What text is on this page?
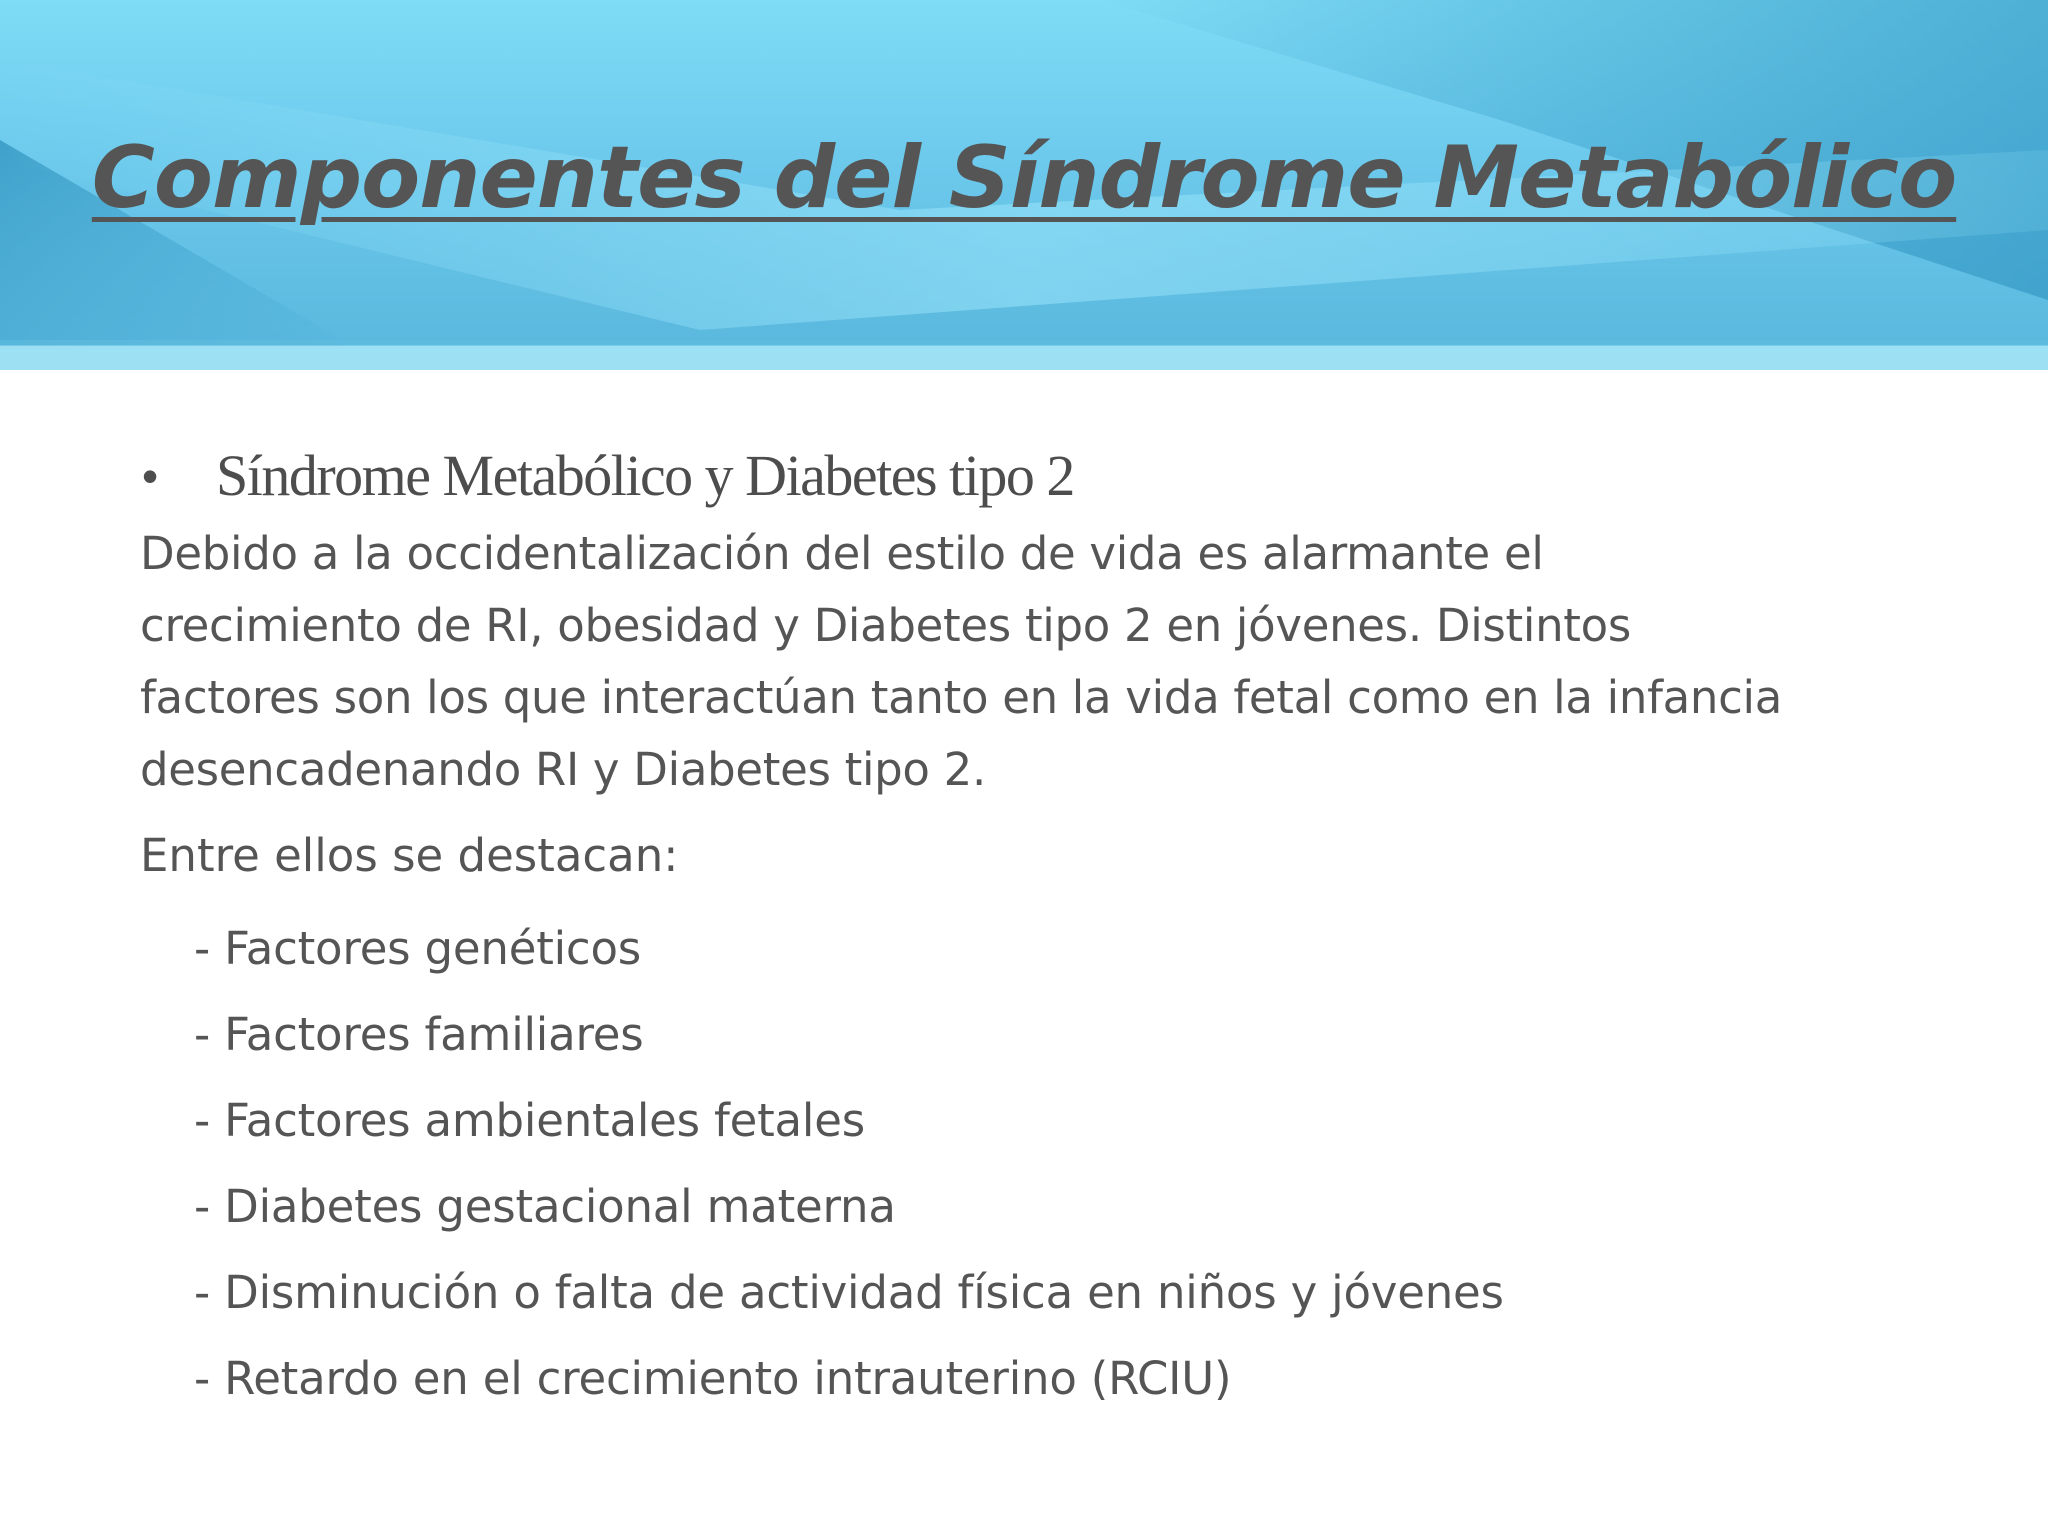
Componentes del Síndrome Metabólico
• Síndrome Metabólico y Diabetes tipo 2
Debido a la occidentalización del estilo de vida es alarmante el
crecimiento de RI, obesidad y Diabetes tipo 2 en jóvenes. Distintos
factores son los que interactúan tanto en la vida fetal como en la infancia
desencadenando RI y Diabetes tipo 2.
Entre ellos se destacan:
- Factores genéticos
- Factores familiares
- Factores ambientales fetales
- Diabetes gestacional materna
- Disminución o falta de actividad física en niños y jóvenes
- Retardo en el crecimiento intrauterino (RCIU)
